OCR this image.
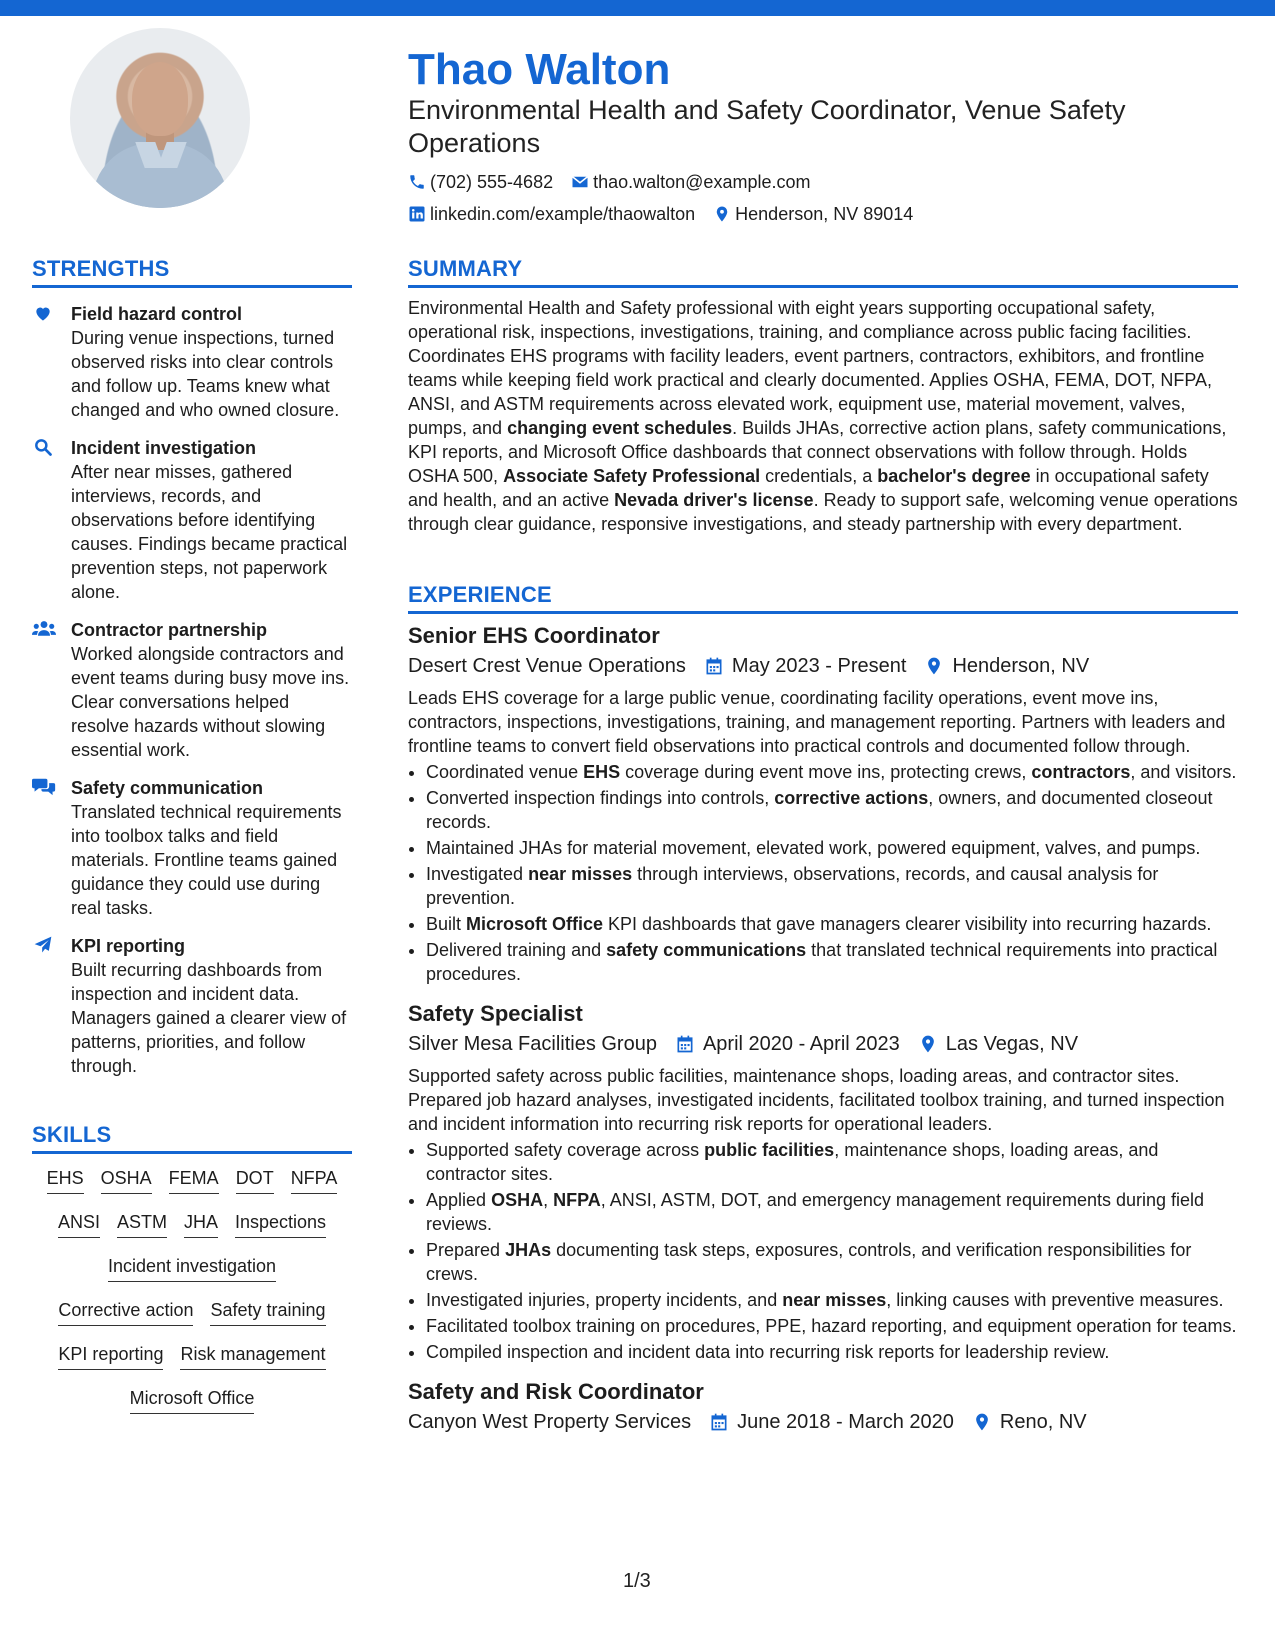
Thao Walton
Environmental Health and Safety Coordinator, Venue Safety Operations
(702) 555-4682 thao.walton@example.com
linkedin.com/example/thaowalton Henderson, NV 89014
STRENGTHS
Field hazard control
During venue inspections, turned observed risks into clear controls and follow up. Teams knew what changed and who owned closure.
Incident investigation
After near misses, gathered interviews, records, and observations before identifying causes. Findings became practical prevention steps, not paperwork alone.
Contractor partnership
Worked alongside contractors and event teams during busy move ins. Clear conversations helped resolve hazards without slowing essential work.
Safety communication
Translated technical requirements into toolbox talks and field materials. Frontline teams gained guidance they could use during real tasks.
KPI reporting
Built recurring dashboards from inspection and incident data. Managers gained a clearer view of patterns, priorities, and follow through.
SKILLS
EHS OSHA FEMA DOT NFPA
ANSI ASTM JHA Inspections
Incident investigation
Corrective action Safety training
KPI reporting Risk management
Microsoft Office
SUMMARY

Environmental Health and Safety professional with eight years supporting occupational safety, operational risk, inspections, investigations, training, and compliance across public facing facilities. Coordinates EHS programs with facility leaders, event partners, contractors, exhibitors, and frontline teams while keeping field work practical and clearly documented. Applies OSHA, FEMA, DOT, NFPA, ANSI, and ASTM requirements across elevated work, equipment use, material movement, valves, pumps, and changing event schedules. Builds JHAs, corrective action plans, safety communications, KPI reports, and Microsoft Office dashboards that connect observations with follow through. Holds OSHA 500, Associate Safety Professional credentials, a bachelor's degree in occupational safety and health, and an active Nevada driver's license. Ready to support safe, welcoming venue operations through clear guidance, responsive investigations, and steady partnership with every department.

EXPERIENCE
Senior EHS Coordinator
Desert Crest Venue Operations May 2023 - Present Henderson, NV
Leads EHS coverage for a large public venue, coordinating facility operations, event move ins, contractors, inspections, investigations, training, and management reporting. Partners with leaders and frontline teams to convert field observations into practical controls and documented follow through.
• Coordinated venue EHS coverage during event move ins, protecting crews, contractors, and visitors.
• Converted inspection findings into controls, corrective actions, owners, and documented closeout records.
• Maintained JHAs for material movement, elevated work, powered equipment, valves, and pumps.
• Investigated near misses through interviews, observations, records, and causal analysis for prevention.
• Built Microsoft Office KPI dashboards that gave managers clearer visibility into recurring hazards.
• Delivered training and safety communications that translated technical requirements into practical procedures.
Safety Specialist
Silver Mesa Facilities Group April 2020 - April 2023 Las Vegas, NV
Supported safety across public facilities, maintenance shops, loading areas, and contractor sites. Prepared job hazard analyses, investigated incidents, facilitated toolbox training, and turned inspection and incident information into recurring risk reports for operational leaders.
• Supported safety coverage across public facilities, maintenance shops, loading areas, and contractor sites.
• Applied OSHA, NFPA, ANSI, ASTM, DOT, and emergency management requirements during field reviews.
• Prepared JHAs documenting task steps, exposures, controls, and verification responsibilities for crews.
• Investigated injuries, property incidents, and near misses, linking causes with preventive measures.
• Facilitated toolbox training on procedures, PPE, hazard reporting, and equipment operation for teams.
• Compiled inspection and incident data into recurring risk reports for leadership review.
Safety and Risk Coordinator
Canyon West Property Services June 2018 - March 2020 Reno, NV
1/3
